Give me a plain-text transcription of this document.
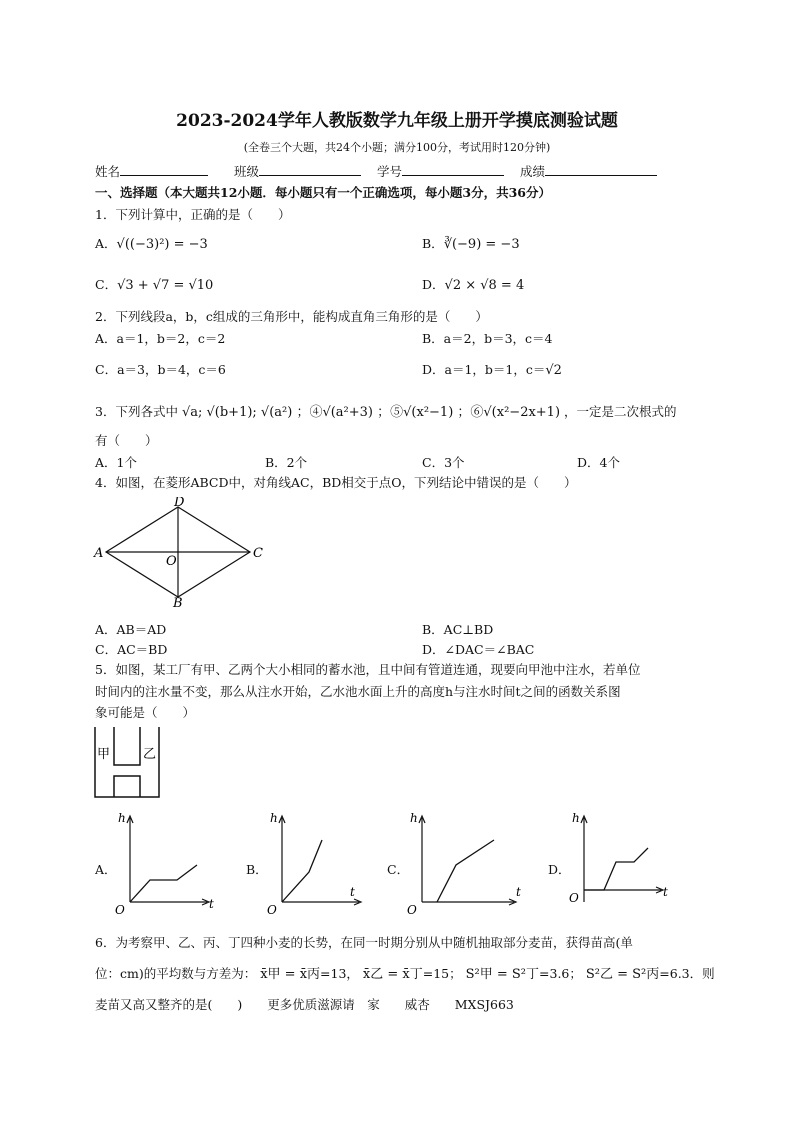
2023-2024学年人教版数学九年级上册开学摸底测验试题
(全卷三个大题，共24个小题；满分100分，考试用时120分钟)
姓名	班级	学号	成绩
一、选择题（本大题共12小题．每小题只有一个正确选项，每小题3分，共36分）
1．下列计算中，正确的是（　　）
A．√((−3)²) = −3	B．∛(−9) = −3
C．√3 + √7 = √10	D．√2 × √8 = 4
2．下列线段a，b，c组成的三角形中，能构成直角三角形的是（　　）
A．a＝1，b＝2，c＝2	B．a＝2，b＝3，c＝4
C．a＝3，b＝4，c＝6	D．a＝1，b＝1，c＝√2
3．下列各式中 √a; √(b+1); √(a²) ；④√(a²+3) ；⑤√(x²−1) ；⑥√(x²−2x+1) ，一定是二次根式的
有（　　）
A．1个	B．2个	C．3个	D．4个
4．如图，在菱形ABCD中，对角线AC，BD相交于点O，下列结论中错误的是（　　）
A	C
D
B
O
A．AB＝AD	B．AC⊥BD
C．AC＝BD	D．∠DAC＝∠BAC
5．如图，某工厂有甲、乙两个大小相同的蓄水池，且中间有管道连通，现要向甲池中注水，若单位
时间内的注水量不变，那么从注水开始，乙水池水面上升的高度h与注水时间t之间的函数关系图
象可能是（　　）
甲	乙
A．
h
t
O
B．
h
t
O
C．
h
t
O
D．
h
t
O
6．为考察甲、乙、丙、丁四种小麦的长势，在同一时期分别从中随机抽取部分麦苗，获得苗高(单
位：cm)的平均数与方差为： x̄甲 = x̄丙=13， x̄乙 = x̄丁=15； S²甲 = S²丁=3.6； S²乙 = S²丙=6.3．则
麦苗又高又整齐的是(　　)　　更多优质滋源请　家　　威杏　　MXSJ663
